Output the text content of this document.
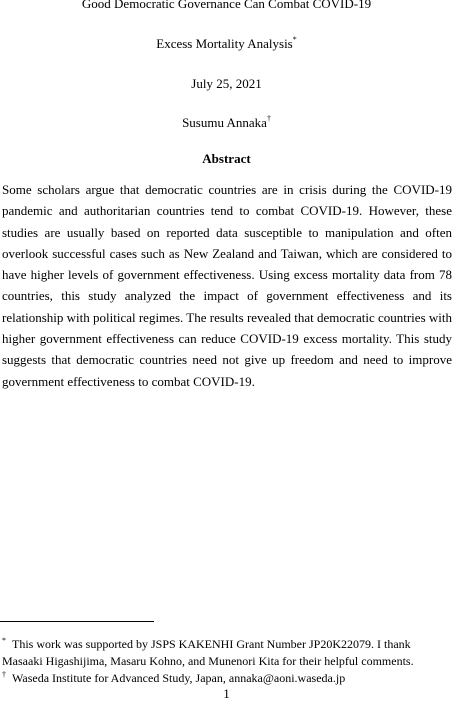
Good Democratic Governance Can Combat COVID-19
Excess Mortality Analysis*
July 25, 2021
Susumu Annaka†
Abstract
Some scholars argue that democratic countries are in crisis during the COVID-19 pandemic and authoritarian countries tend to combat COVID-19. However, these studies are usually based on reported data susceptible to manipulation and often overlook successful cases such as New Zealand and Taiwan, which are considered to have higher levels of government effectiveness. Using excess mortality data from 78 countries, this study analyzed the impact of government effectiveness and its relationship with political regimes. The results revealed that democratic countries with higher government effectiveness can reduce COVID-19 excess mortality. This study suggests that democratic countries need not give up freedom and need to improve government effectiveness to combat COVID-19.
* This work was supported by JSPS KAKENHI Grant Number JP20K22079. I thank Masaaki Higashijima, Masaru Kohno, and Munenori Kita for their helpful comments.
† Waseda Institute for Advanced Study, Japan, annaka@aoni.waseda.jp
1
